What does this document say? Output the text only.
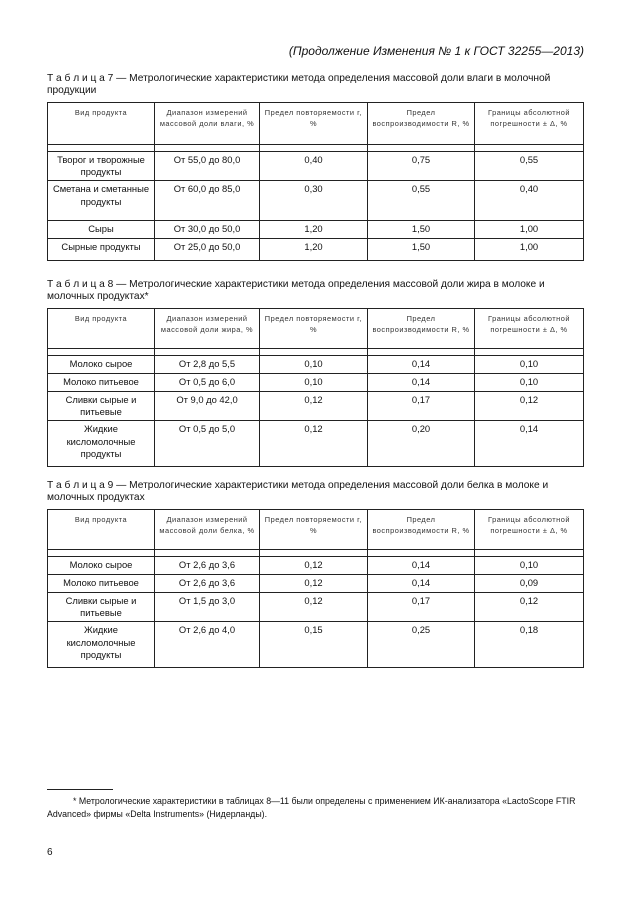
(Продолжение Изменения № 1 к ГОСТ 32255—2013)
Т а б л и ц а 7 — Метрологические характеристики метода определения массовой доли влаги в молочной продукции
Вид продукта	Диапазон измерений массовой доли влаги, %	Предел повторяемости r, %	Предел воспроизводимости R, %	Границы абсолютной погрешности ± Δ, %

Творог и творожные продукты	От 55,0 до 80,0	0,40	0,75	0,55
Сметана и сметанные продукты	От 60,0 до 85,0	0,30	0,55	0,40
Сыры	От 30,0 до 50,0	1,20	1,50	1,00
Сырные продукты	От 25,0 до 50,0	1,20	1,50	1,00
Т а б л и ц а 8 — Метрологические характеристики метода определения массовой доли жира в молоке и молочных продуктах*
Вид продукта	Диапазон измерений массовой доли жира, %	Предел повторяемости r, %	Предел воспроизводимости R, %	Границы абсолютной погрешности ± Δ, %

Молоко сырое	От 2,8 до 5,5	0,10	0,14	0,10
Молоко питьевое	От 0,5 до 6,0	0,10	0,14	0,10
Сливки сырые и питьевые	От 9,0 до 42,0	0,12	0,17	0,12
Жидкие кисломолочные продукты	От 0,5 до 5,0	0,12	0,20	0,14
Т а б л и ц а 9 — Метрологические характеристики метода определения массовой доли белка в молоке и молочных продуктах
Вид продукта	Диапазон измерений массовой доли белка, %	Предел повторяемости r, %	Предел воспроизводимости R, %	Границы абсолютной погрешности ± Δ, %

Молоко сырое	От 2,6 до 3,6	0,12	0,14	0,10
Молоко питьевое	От 2,6 до 3,6	0,12	0,14	0,09
Сливки сырые и питьевые	От 1,5 до 3,0	0,12	0,17	0,12
Жидкие кисломолочные продукты	От 2,6 до 4,0	0,15	0,25	0,18
* Метрологические характеристики в таблицах 8—11 были определены с применением ИК-анализатора «LactoScope FTIR Advanced» фирмы «Delta Instruments» (Нидерланды).
6
